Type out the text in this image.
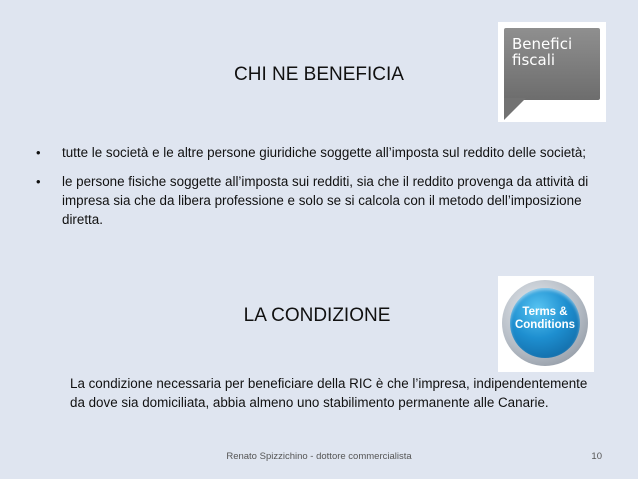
CHI NE BENEFICIA
Benefici
fiscali
• tutte le società e le altre persone giuridiche soggette all’imposta sul reddito delle società;
• le persone fisiche soggette all’imposta sui redditi, sia che il reddito provenga da attività di impresa sia che da libera professione e solo se si calcola con il metodo dell’imposizione diretta.
LA CONDIZIONE	Terms &
Conditions
La condizione necessaria per beneficiare della RIC è che l’impresa, indipendentemente da dove sia domiciliata, abbia almeno uno stabilimento permanente alle Canarie.
Renato Spizzichino - dottore commercialista	10
